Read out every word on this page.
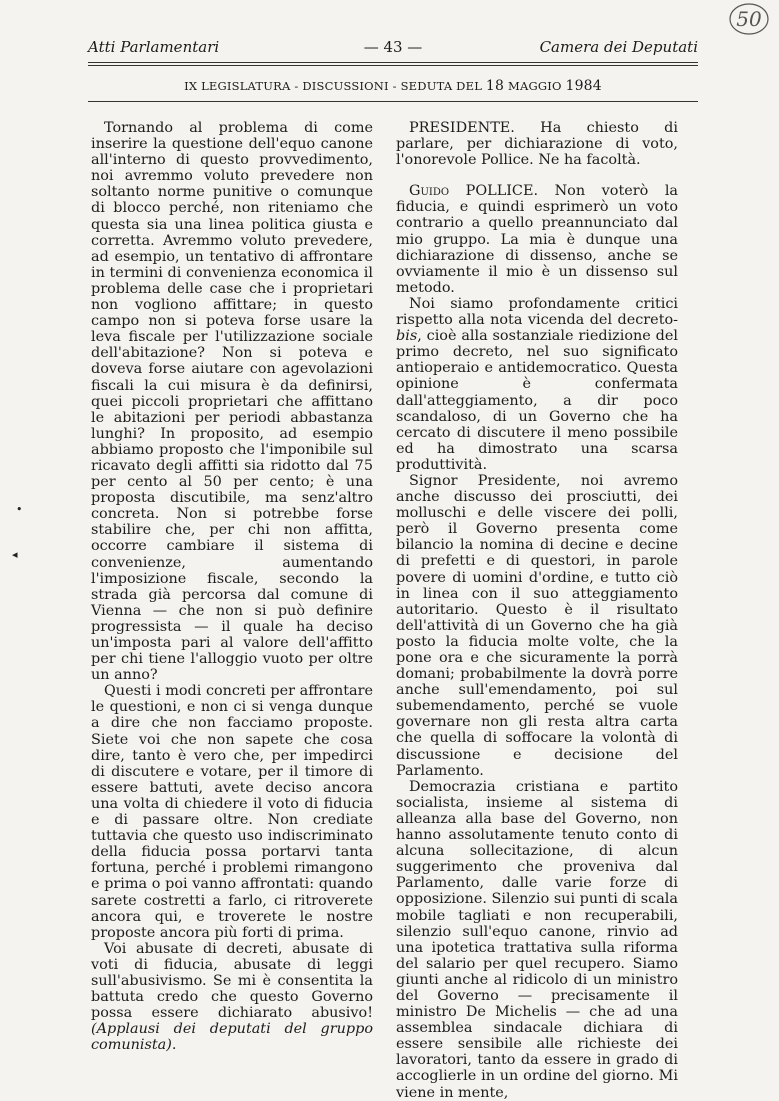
50
Atti Parlamentari	— 43 —	Camera dei Deputati
IX LEGISLATURA - DISCUSSIONI - SEDUTA DEL 18 MAGGIO 1984

Tornando al problema di come inserire la questione dell'equo canone all'interno di questo provvedimento, noi avremmo voluto prevedere non soltanto norme punitive o comunque di blocco perché, non riteniamo che questa sia una linea politica giusta e corretta. Avremmo voluto prevedere, ad esempio, un tentativo di affrontare in termini di convenienza economica il problema delle case che i proprietari non vogliono affittare; in questo campo non si poteva forse usare la leva fiscale per l'utilizzazione sociale dell'abitazione? Non si poteva e doveva forse aiutare con agevolazioni fiscali la cui misura è da definirsi, quei piccoli proprietari che affittano le abitazioni per periodi abbastanza lunghi? In proposito, ad esempio abbiamo proposto che l'imponibile sul ricavato degli affitti sia ridotto dal 75 per cento al 50 per cento; è una proposta discutibile, ma senz'altro concreta. Non si potrebbe forse stabilire che, per chi non affitta, occorre cambiare il sistema di convenienze, aumentando l'imposizione fiscale, secondo la strada già percorsa dal comune di Vienna — che non si può definire progressista — il quale ha deciso un'imposta pari al valore dell'affitto per chi tiene l'alloggio vuoto per oltre un anno?

Questi i modi concreti per affrontare le questioni, e non ci si venga dunque a dire che non facciamo proposte. Siete voi che non sapete che cosa dire, tanto è vero che, per impedirci di discutere e votare, per il timore di essere battuti, avete deciso ancora una volta di chiedere il voto di fiducia e di passare oltre. Non crediate tuttavia che questo uso indiscriminato della fiducia possa portarvi tanta fortuna, perché i problemi rimangono e prima o poi vanno affrontati: quando sarete costretti a farlo, ci ritroverete ancora qui, e troverete le nostre proposte ancora più forti di prima.

Voi abusate di decreti, abusate di voti di fiducia, abusate di leggi sull'abusivismo. Se mi è consentita la battuta credo che questo Governo possa essere dichiarato abusivo! (Applausi dei deputati del gruppo comunista).

PRESIDENTE. Ha chiesto di parlare, per dichiarazione di voto, l'onorevole Pollice. Ne ha facoltà.

Guido POLLICE. Non voterò la fiducia, e quindi esprimerò un voto contrario a quello preannunciato dal mio gruppo. La mia è dunque una dichiarazione di dissenso, anche se ovviamente il mio è un dissenso sul metodo.

Noi siamo profondamente critici rispetto alla nota vicenda del decreto-bis, cioè alla sostanziale riedizione del primo decreto, nel suo significato antioperaio e antidemocratico. Questa opinione è confermata dall'atteggiamento, a dir poco scandaloso, di un Governo che ha cercato di discutere il meno possibile ed ha dimostrato una scarsa produttività.

Signor Presidente, noi avremo anche discusso dei prosciutti, dei molluschi e delle viscere dei polli, però il Governo presenta come bilancio la nomina di decine e decine di prefetti e di questori, in parole povere di uomini d'ordine, e tutto ciò in linea con il suo atteggiamento autoritario. Questo è il risultato dell'attività di un Governo che ha già posto la fiducia molte volte, che la pone ora e che sicuramente la porrà domani; probabilmente la dovrà porre anche sull'emendamento, poi sul subemendamento, perché se vuole governare non gli resta altra carta che quella di soffocare la volontà di discussione e decisione del Parlamento.

Democrazia cristiana e partito socialista, insieme al sistema di alleanza alla base del Governo, non hanno assolutamente tenuto conto di alcuna sollecitazione, di alcun suggerimento che proveniva dal Parlamento, dalle varie forze di opposizione. Silenzio sui punti di scala mobile tagliati e non recuperabili, silenzio sull'equo canone, rinvio ad una ipotetica trattativa sulla riforma del salario per quel recupero. Siamo giunti anche al ridicolo di un ministro del Governo — precisamente il ministro De Michelis — che ad una assemblea sindacale dichiara di essere sensibile alle richieste dei lavoratori, tanto da essere in grado di accoglierle in un ordine del giorno. Mi viene in mente,

•
◂
